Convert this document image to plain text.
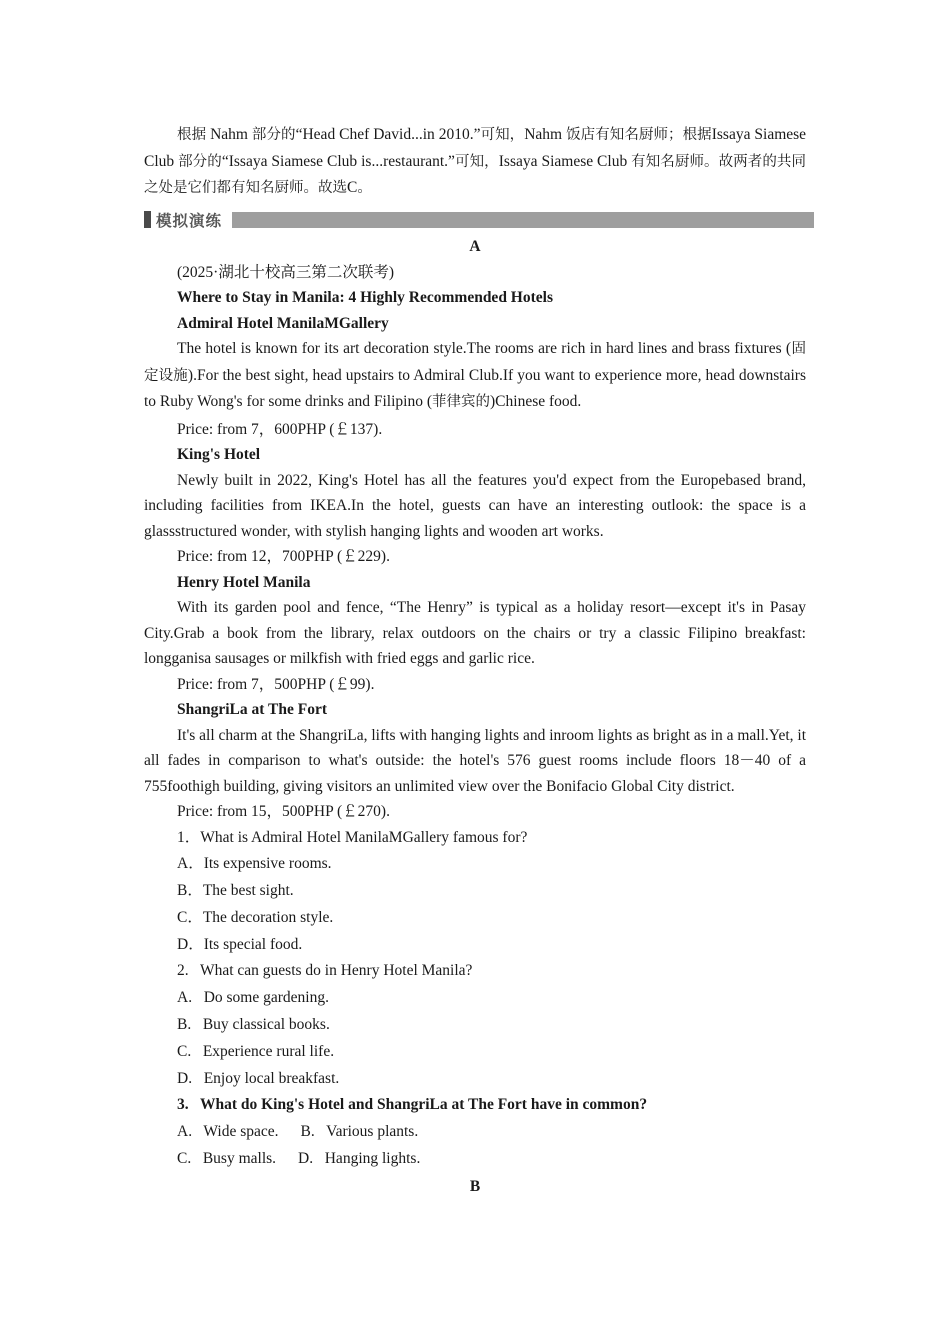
根据 Nahm 部分的“Head Chef David...in 2010.”可知，Nahm 饭店有知名厨师；根据Issaya Siamese Club 部分的“Issaya Siamese Club is...restaurant.”可知，Issaya Siamese Club 有知名厨师。故两者的共同之处是它们都有知名厨师。故选C。

模拟演练

A

(2025·湖北十校高三第二次联考)

Where to Stay in Manila: 4 Highly Recommended Hotels

Admiral Hotel ManilaMGallery

The hotel is known for its art decoration style.The rooms are rich in hard lines and brass fixtures (固定设施).For the best sight, head upstairs to Admiral Club.If you want to experience more, head downstairs to Ruby Wong's for some drinks and Filipino (菲律宾的)Chinese food.

Price: from 7，600PHP (￡137).

King's Hotel

Newly built in 2022, King's Hotel has all the features you'd expect from the Europebased brand, including facilities from IKEA.In the hotel, guests can have an interesting outlook: the space is a glassstructured wonder, with stylish hanging lights and wooden art works.

Price: from 12，700PHP (￡229).

Henry Hotel Manila

With its garden pool and fence, “The Henry” is typical as a holiday resort—except it's in Pasay City.Grab a book from the library, relax outdoors on the chairs or try a classic Filipino breakfast: longganisa sausages or milkfish with fried eggs and garlic rice.

Price: from 7，500PHP (￡99).

ShangriLa at The Fort

It's all charm at the ShangriLa, lifts with hanging lights and inroom lights as bright as in a mall.Yet, it all fades in comparison to what's outside: the hotel's 576 guest rooms include floors 18－40 of a 755foothigh building, giving visitors an unlimited view over the Bonifacio Global City district.

Price: from 15，500PHP (￡270).

1．What is Admiral Hotel ManilaMGallery famous for?

A．Its expensive rooms.

B．The best sight.

C．The decoration style.

D．Its special food.

2.   What can guests do in Henry Hotel Manila?

A.   Do some gardening.

B.   Buy classical books.

C.   Experience rural life.

D.   Enjoy local breakfast.

3.   What do King's Hotel and ShangriLa at The Fort have in common?

A.   Wide space. B.   Various plants.

C.   Busy malls. D.   Hanging lights.

B
